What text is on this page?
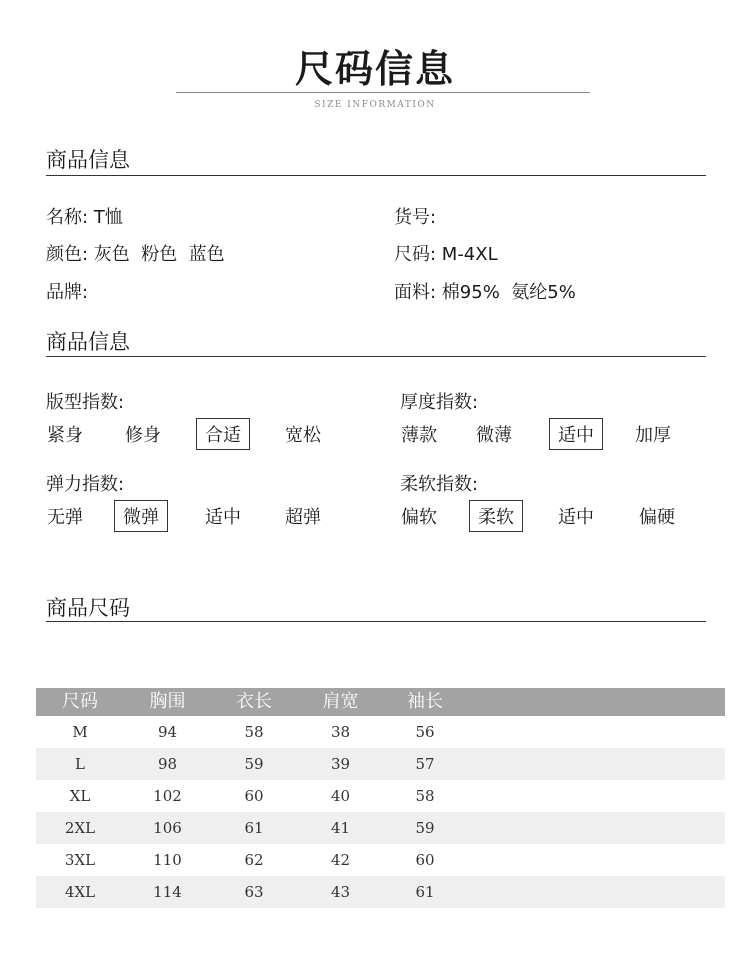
尺码信息
SIZE INFORMATION
商品信息
名称: T恤	货号:
颜色: 灰色  粉色  蓝色	尺码: M-4XL
品牌:	面料: 棉95%  氨纶5%
商品信息
版型指数:	厚度指数:
紧身	修身	合适	宽松	薄款	微薄	适中	加厚
弹力指数:	柔软指数:
无弹	微弹	适中	超弹	偏软	柔软	适中	偏硬
商品尺码
尺码	胸围	衣长	肩宽	袖长
M	94	58	38	56
L	98	59	39	57
XL	102	60	40	58
2XL	106	61	41	59
3XL	110	62	42	60
4XL	114	63	43	61
